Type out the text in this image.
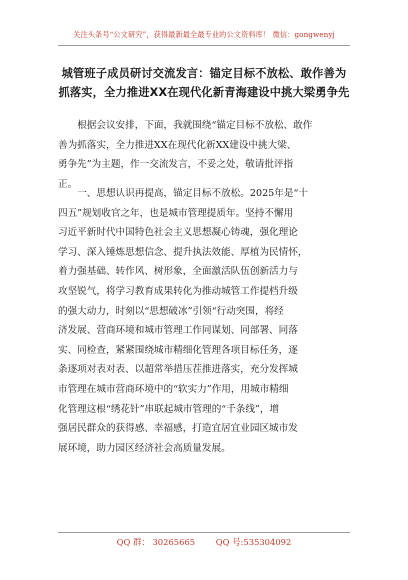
关注头条号“公文研究”，获得最新最全最专业的公文资料库！ 微信：gongwenyj
城管班子成员研讨交流发言：锚定目标不放松、敢作善为
抓落实，全力推进XX在现代化新青海建设中挑大梁勇争先
根据会议安排，下面，我就围绕“锚定目标不放松、敢作
善为抓落实，全力推进XX在现代化新XX建设中挑大梁、
勇争先”为主题，作一交流发言，不妥之处，敬请批评指
正。
一、思想认识再提高，锚定目标不放松。2025年是“十
四五”规划收官之年，也是城市管理提质年。坚持不懈用
习近平新时代中国特色社会主义思想凝心铸魂，强化理论
学习、深入锤炼思想信念、提升执法效能、厚植为民情怀，
着力强基础、转作风、树形象，全面激活队伍创新活力与
攻坚锐气，将学习教育成果转化为推动城管工作提档升级
的强大动力，时刻以“思想破冰”引领“行动突围，将经
济发展、营商环境和城市管理工作同谋划、同部署、同落
实、同检查，紧紧围绕城市精细化管理各项目标任务，逐
条逐项对表对表、以超常举措压茬推进落实，充分发挥城
市管理在城市营商环境中的“软实力”作用，用城市精细
化管理这根“绣花针”串联起城市管理的“千条线”，增
强居民群众的获得感、幸福感，打造宜居宜业园区城市发
展环境，助力园区经济社会高质量发展。
QQ 群： 30265665 QQ 号:535304092
